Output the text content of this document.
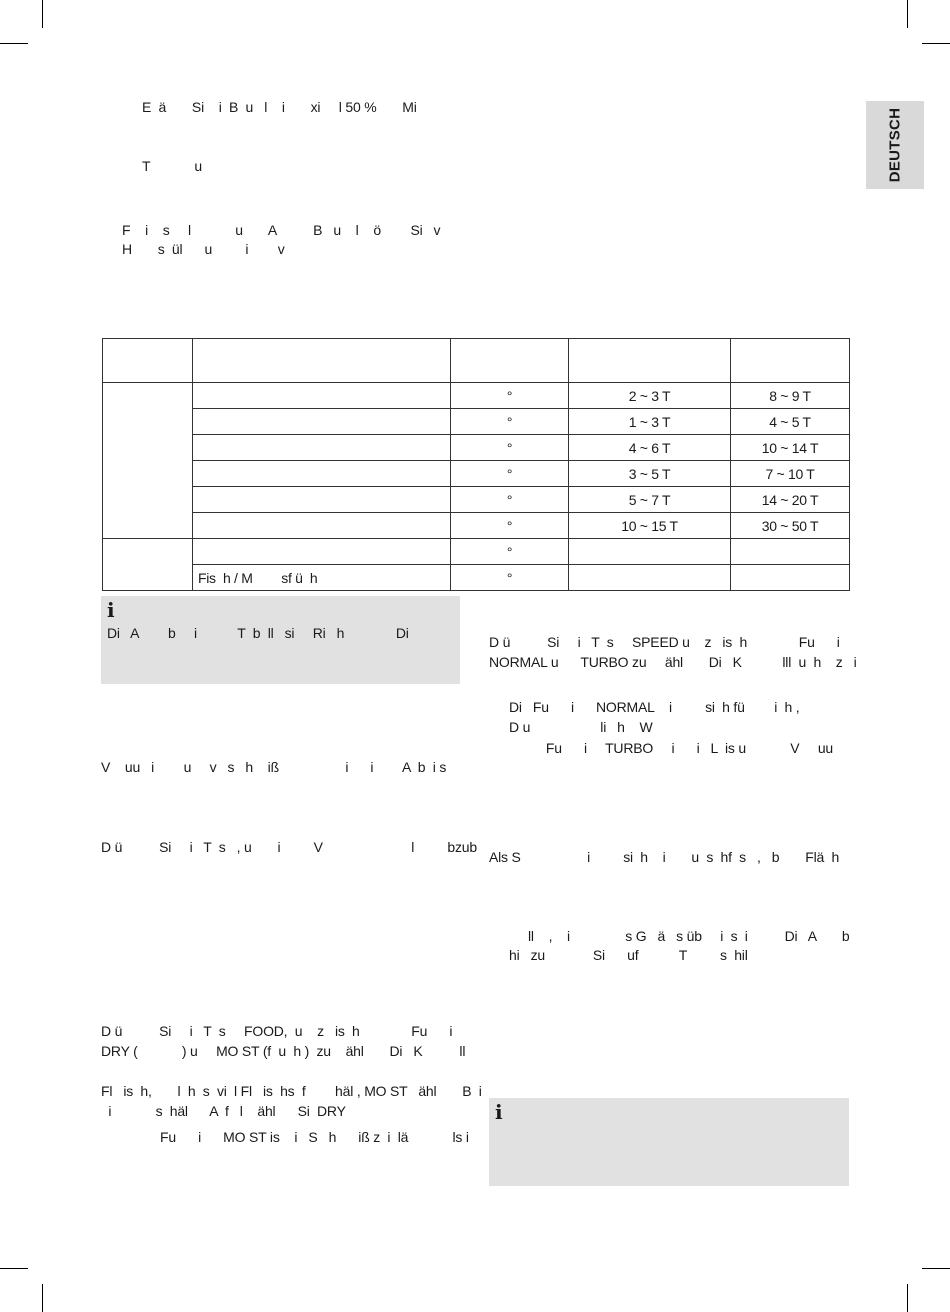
DEUTSCH
E  ä       Si    i  B  u   l    i       xi     l 50 %       Mi
T            u
F    i    s     l            u       A          B   u    l    ö        Si   v
H       s  ül      u         i        v

		°	2 ~ 3 T	8 ~ 9 T
		°	1 ~ 3 T	4 ~ 5 T
		°	4 ~ 6 T	10 ~ 14 T
		°	3 ~ 5 T	7 ~ 10 T
		°	5 ~ 7 T	14 ~ 20 T
		°	10 ~ 15 T	30 ~ 50 T
		°		
	Fis  h / M        sf ü  h	°		
i
Di   A        b     i           T  b  ll   si     Ri   h              Di
V    uu   i        u     v   s   h    iß                  i      i        A  b  i s
D ü          Si     i   T  s   , u       i         V                        l         bzub
D ü          Si     i   T  s     FOOD,  u    z   is  h              Fu      i
DRY (            ) u     MO ST (f  u  h )  zu    ähl       Di   K          ll
Fl   is  h,       l  h  s  vi  l Fl   is  hs  f        häl , MO ST   ähl       B  i
i            s  häl      A  f   l    ähl      Si  DRY
Fu      i      MO ST is    i   S   h      iß z  i  lä            ls i
D ü          Si     i   T  s     SPEED u    z   is  h              Fu      i
NORMAL u      TURBO zu     ähl       Di   K           lll  u  h    z   i
Di   Fu      i      NORMAL    i         si  h fü        i  h ,
D u                   li   h    W
Fu      i     TURBO     i      i   L  is u            V     uu
Als S                  i         si  h    i       u  s  hf  s   ,   b       Flä  h
ll    ,    i               s G   ä   s üb     i  s  i          Di   A       b
hi   zu             Si      uf           T         s  hil
i
